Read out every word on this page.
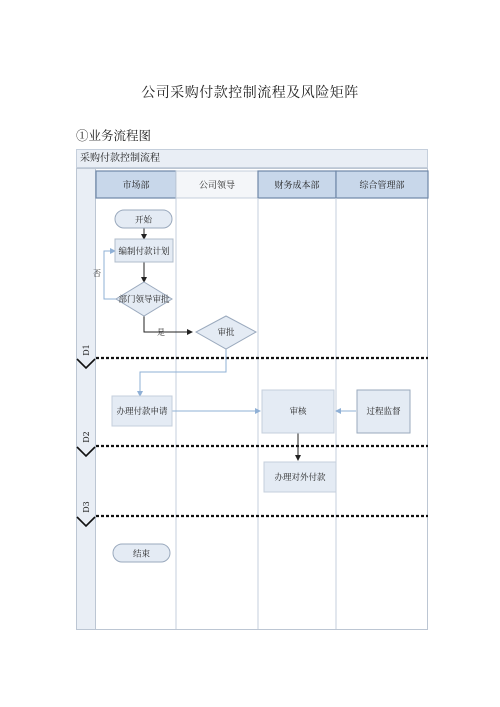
公司采购付款控制流程及风险矩阵
①业务流程图
采购付款控制流程
市场部	公司领导	财务成本部	综合管理部
D1
D2
D3
否
是
开始
编制付款计划
部门领导审批
审批
办理付款申请	审核	过程监督
办理对外付款
结束
